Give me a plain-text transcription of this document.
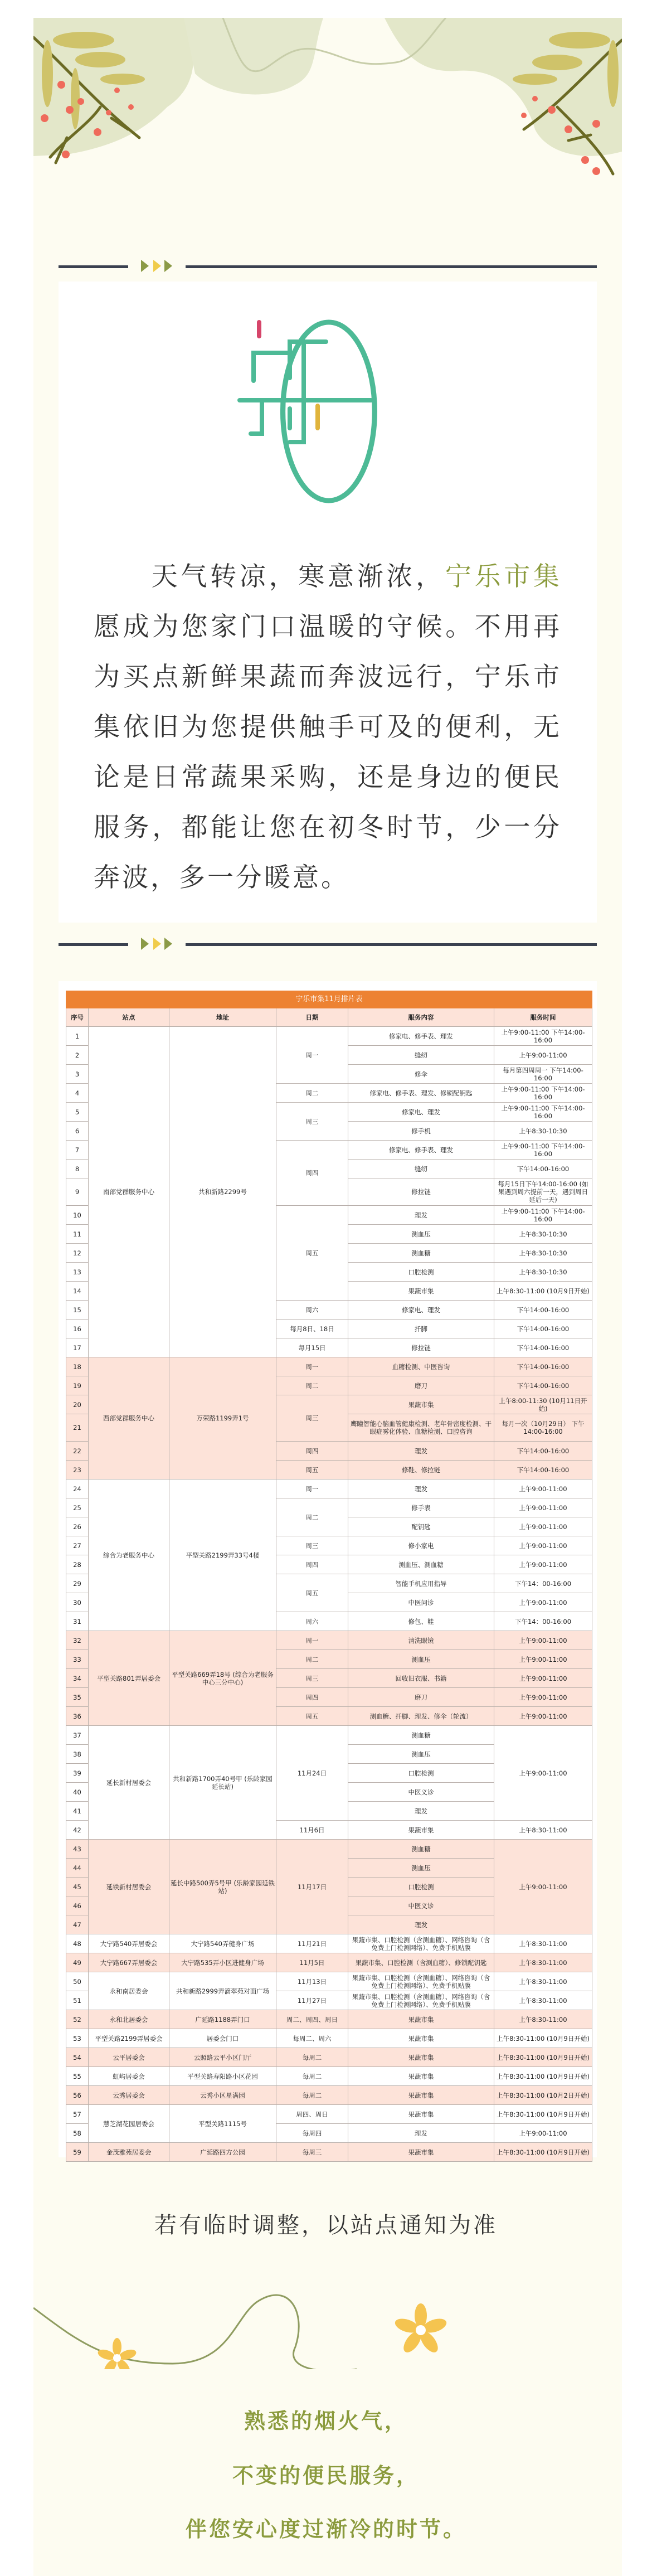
天气转凉，寒意渐浓，宁乐市集愿成为您家门口温暖的守候。不用再为买点新鲜果蔬而奔波远行，宁乐市集依旧为您提供触手可及的便利，无论是日常蔬果采购，还是身边的便民服务，都能让您在初冬时节，少一分奔波，多一分暖意。
宁乐市集11月排片表					
序号	站点	地址	日期	服务内容	服务时间
1	南部党群服务中心	共和新路2299号	周一	修家电、修手表、理发	上午9:00-11:00 下午14:00-16:00
2				缝纫	上午9:00-11:00
3				修伞	每月第四周周一 下午14:00-16:00
4			周二	修家电、修手表、理发、修锁配钥匙	上午9:00-11:00 下午14:00-16:00
5			周三	修家电、理发	上午9:00-11:00 下午14:00-16:00
6				修手机	上午8:30-10:30
7			周四	修家电、修手表、理发	上午9:00-11:00 下午14:00-16:00
8				缝纫	下午14:00-16:00
9				修拉链	每月15日下午14:00-16:00 (如果遇到周六提前一天，遇到周日延后一天)
10			周五	理发	上午9:00-11:00 下午14:00-16:00
11				测血压	上午8:30-10:30
12				测血糖	上午8:30-10:30
13				口腔检测	上午8:30-10:30
14				果蔬市集	上午8:30-11:00 (10月9日开始)
15			周六	修家电、理发	下午14:00-16:00
16			每月8日、18日	扦脚	下午14:00-16:00
17			每月15日	修拉链	下午14:00-16:00
18	西部党群服务中心	万荣路1199弄1号	周一	血糖检测、中医咨询	下午14:00-16:00
19			周二	磨刀	下午14:00-16:00
20			周三	果蔬市集	上午8:00-11:30 (10月11日开始)
21				鹰瞳智能心脑血管健康检测、老年骨密度检测、干眼症雾化体验、血糖检测、口腔咨询	每月一次（10月29日） 下午14:00-16:00
22			周四	理发	下午14:00-16:00
23			周五	修鞋、修拉链	下午14:00-16:00
24	综合为老服务中心	平型关路2199弄33号4楼	周一	理发	上午9:00-11:00
25			周二	修手表	上午9:00-11:00
26				配钥匙	上午9:00-11:00
27			周三	修小家电	上午9:00-11:00
28			周四	测血压、测血糖	上午9:00-11:00
29			周五	智能手机应用指导	下午14：00-16:00
30				中医问诊	上午9:00-11:00
31			周六	修包、鞋	下午14：00-16:00
32	平型关路801弄居委会	平型关路669弄18号 (综合为老服务中心三分中心)	周一	清洗眼镜	上午9:00-11:00
33			周二	测血压	上午9:00-11:00
34			周三	回收旧衣服、书籍	上午9:00-11:00
35			周四	磨刀	上午9:00-11:00
36			周五	测血糖、扦脚、理发、修伞（轮流）	上午9:00-11:00
37	延长新村居委会	共和新路1700弄40号甲 (乐龄家园延长站)	11月24日	测血糖	上午9:00-11:00
38				测血压	
39				口腔检测	
40				中医义诊	
41				理发	
42			11月6日	果蔬市集	上午8:30-11:00
43	延铁新村居委会	延长中路500弄5号甲 (乐龄家园延铁站)	11月17日	测血糖	上午9:00-11:00
44				测血压	
45				口腔检测	
46				中医义诊	
47				理发	
48	大宁路540弄居委会	大宁路540弄健身广场	11月21日	果蔬市集、口腔检测（含测血糖）、网络咨询（含免费上门检测网络）、免费手机贴膜	上午8:30-11:00
49	大宁路667弄居委会	大宁路535弄小区进健身广场	11月5日	果蔬市集、口腔检测（含测血糖）、修锁配钥匙	上午8:30-11:00
50	永和南居委会	共和新路2999弄滴翠苑对面广场	11月13日	果蔬市集、口腔检测（含测血糖）、网络咨询（含免费上门检测网络）、免费手机贴膜	上午8:30-11:00
51			11月27日	果蔬市集、口腔检测（含测血糖）、网络咨询（含免费上门检测网络）、免费手机贴膜	上午8:30-11:00
52	永和北居委会	广延路1188弄门口	周二、周四、周日	果蔬市集	上午8:30-11:00
53	平型关路2199弄居委会	居委会门口	每周二、周六	果蔬市集	上午8:30-11:00 (10月9日开始)
54	云平居委会	云照路云平小区门厅	每周二	果蔬市集	上午8:30-11:00 (10月9日开始)
55	虹屿居委会	平型关路寿阳路小区花园	每周二	果蔬市集	上午8:30-11:00 (10月9日开始)
56	云秀居委会	云秀小区星满园	每周二	果蔬市集	上午8:30-11:00 (10月2日开始)
57	慧芝湖花园居委会	平型关路1115号	周四、周日	果蔬市集	上午8:30-11:00 (10月9日开始)
58			每周四	理发	上午9:00-11:00
59	金茂雅苑居委会	广延路四方公园	每周三	果蔬市集	上午8:30-11:00 (10月9日开始)
若有临时调整，以站点通知为准
熟悉的烟火气，
不变的便民服务，
伴您安心度过渐冷的时节。
